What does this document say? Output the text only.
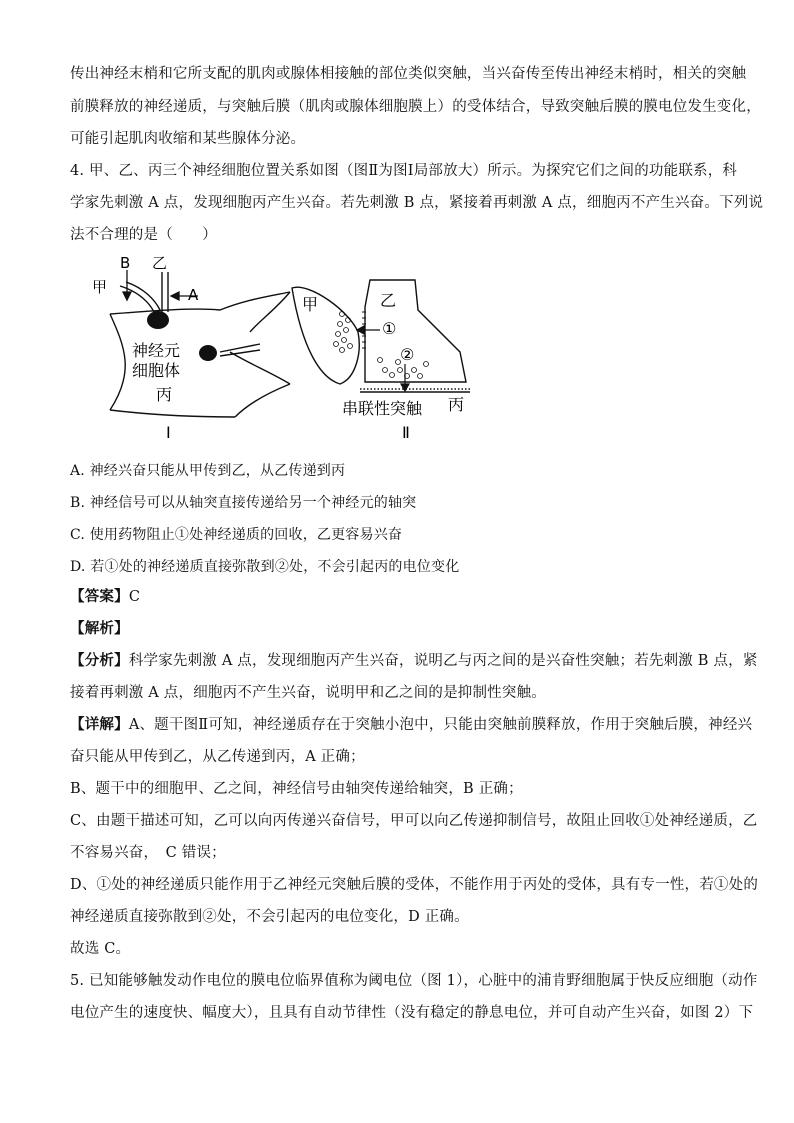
传出神经末梢和它所支配的肌肉或腺体相接触的部位类似突触，当兴奋传至传出神经末梢时，相关的突触
前膜释放的神经递质，与突触后膜（肌肉或腺体细胞膜上）的受体结合，导致突触后膜的膜电位发生变化，
可能引起肌肉收缩和某些腺体分泌。
4. 甲、乙、丙三个神经细胞位置关系如图（图Ⅱ为图Ⅰ局部放大）所示。为探究它们之间的功能联系，科
学家先刺激 A 点，发现细胞丙产生兴奋。若先刺激 B 点，紧接着再刺激 A 点，细胞丙不产生兴奋。下列说
法不合理的是（　　）
B 乙
甲	A
神经元
细胞体
丙
Ⅰ
甲	乙
①
②
串联性突触 丙
Ⅱ
A. 神经兴奋只能从甲传到乙，从乙传递到丙
B. 神经信号可以从轴突直接传递给另一个神经元的轴突
C. 使用药物阻止①处神经递质的回收，乙更容易兴奋
D. 若①处的神经递质直接弥散到②处，不会引起丙的电位变化
【答案】C
【解析】
【分析】科学家先刺激 A 点，发现细胞丙产生兴奋，说明乙与丙之间的是兴奋性突触；若先刺激 B 点，紧
接着再刺激 A 点，细胞丙不产生兴奋，说明甲和乙之间的是抑制性突触。
【详解】A、题干图Ⅱ可知，神经递质存在于突触小泡中，只能由突触前膜释放，作用于突触后膜，神经兴
奋只能从甲传到乙，从乙传递到丙，A 正确；
B、题干中的细胞甲、乙之间，神经信号由轴突传递给轴突，B 正确；
C、由题干描述可知，乙可以向丙传递兴奋信号，甲可以向乙传递抑制信号，故阻止回收①处神经递质，乙
不容易兴奋，　C 错误；
D、①处的神经递质只能作用于乙神经元突触后膜的受体，不能作用于丙处的受体，具有专一性，若①处的
神经递质直接弥散到②处，不会引起丙的电位变化，D 正确。
故选 C。
5. 已知能够触发动作电位的膜电位临界值称为阈电位（图 1），心脏中的浦肯野细胞属于快反应细胞（动作
电位产生的速度快、幅度大），且具有自动节律性（没有稳定的静息电位，并可自动产生兴奋，如图 2）下
